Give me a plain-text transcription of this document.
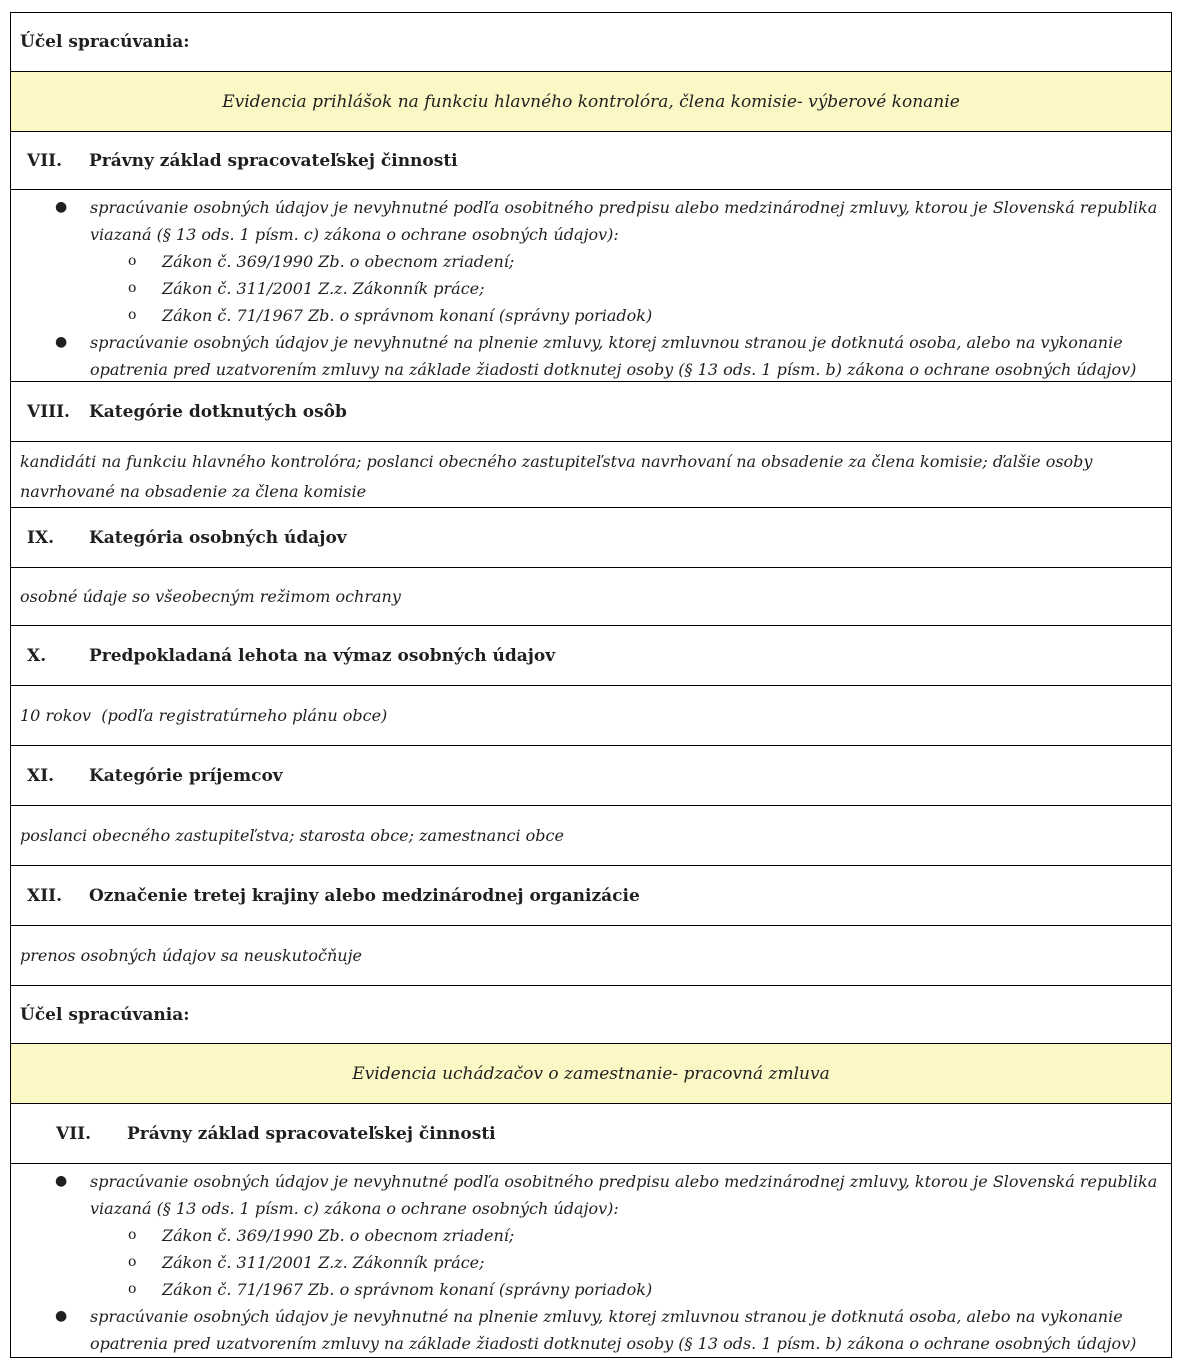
Účel spracúvania:
Evidencia prihlášok na funkciu hlavného kontrolóra, člena komisie- výberové konanie
VII.	Právny základ spracovateľskej činnosti
● spracúvanie osobných údajov je nevyhnutné podľa osobitného predpisu alebo medzinárodnej zmluvy, ktorou je Slovenská republika viazaná (§ 13 ods. 1 písm. c) zákona o ochrane osobných údajov):
o Zákon č. 369/1990 Zb. o obecnom zriadení;
o Zákon č. 311/2001 Z.z. Zákonník práce;
o Zákon č. 71/1967 Zb. o správnom konaní (správny poriadok)
● spracúvanie osobných údajov je nevyhnutné na plnenie zmluvy, ktorej zmluvnou stranou je dotknutá osoba, alebo na vykonanie opatrenia pred uzatvorením zmluvy na základe žiadosti dotknutej osoby (§ 13 ods. 1 písm. b) zákona o ochrane osobných údajov)
VIII.	Kategórie dotknutých osôb
kandidáti na funkciu hlavného kontrolóra; poslanci obecného zastupiteľstva navrhovaní na obsadenie za člena komisie; ďalšie osoby navrhované na obsadenie za člena komisie
IX.	Kategória osobných údajov
osobné údaje so všeobecným režimom ochrany
X.	Predpokladaná lehota na výmaz osobných údajov
10 rokov  (podľa registratúrneho plánu obce)
XI.	Kategórie príjemcov
poslanci obecného zastupiteľstva; starosta obce; zamestnanci obce
XII.	Označenie tretej krajiny alebo medzinárodnej organizácie
prenos osobných údajov sa neuskutočňuje
Účel spracúvania:
Evidencia uchádzačov o zamestnanie- pracovná zmluva
VII.	Právny základ spracovateľskej činnosti
● spracúvanie osobných údajov je nevyhnutné podľa osobitného predpisu alebo medzinárodnej zmluvy, ktorou je Slovenská republika viazaná (§ 13 ods. 1 písm. c) zákona o ochrane osobných údajov):
o Zákon č. 369/1990 Zb. o obecnom zriadení;
o Zákon č. 311/2001 Z.z. Zákonník práce;
o Zákon č. 71/1967 Zb. o správnom konaní (správny poriadok)
● spracúvanie osobných údajov je nevyhnutné na plnenie zmluvy, ktorej zmluvnou stranou je dotknutá osoba, alebo na vykonanie opatrenia pred uzatvorením zmluvy na základe žiadosti dotknutej osoby (§ 13 ods. 1 písm. b) zákona o ochrane osobných údajov)
